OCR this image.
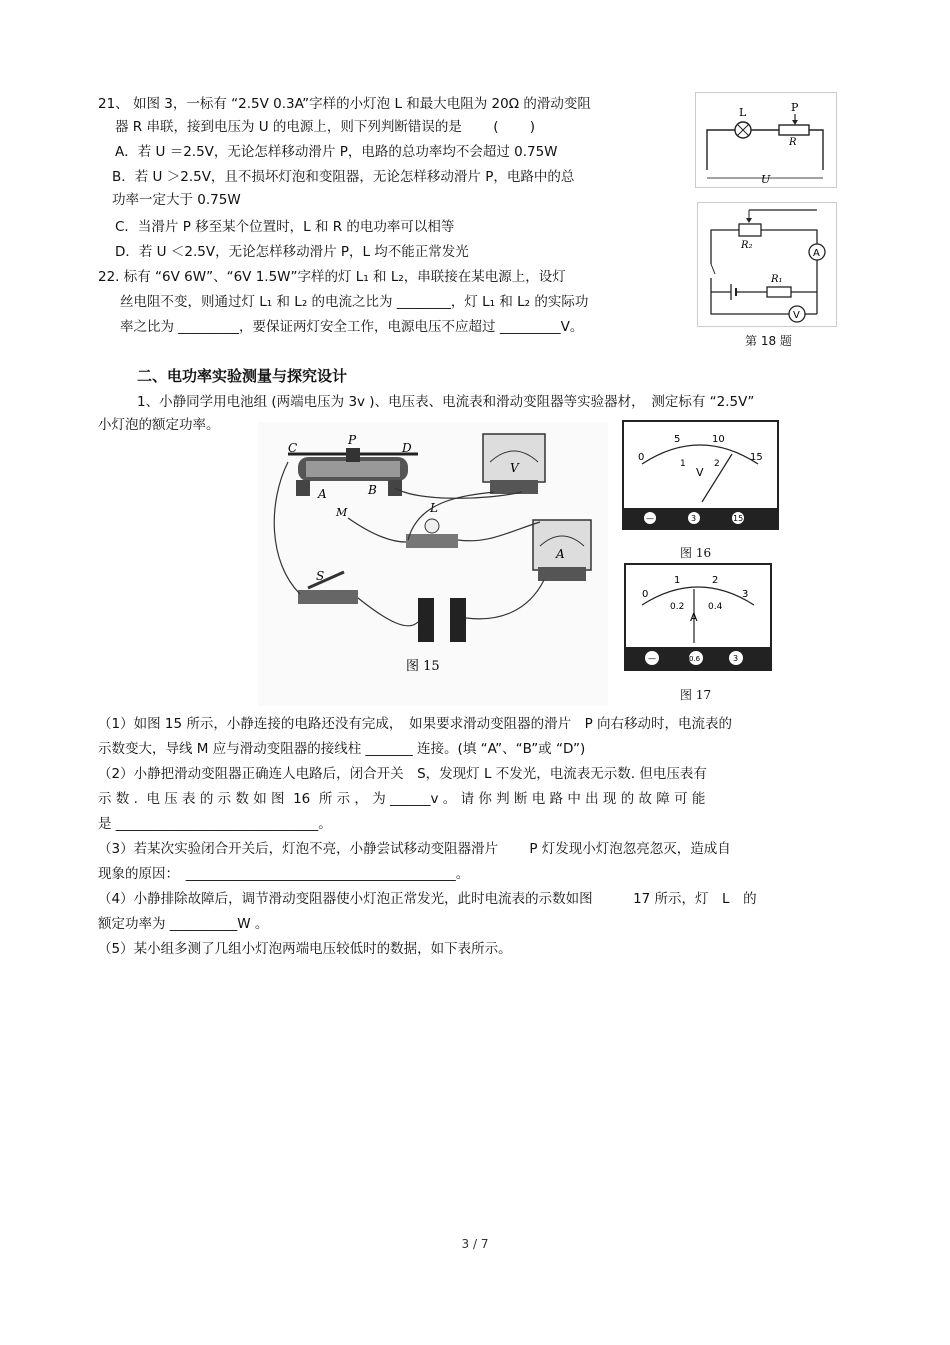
21、 如图 3，一标有 “2.5V 0.3A”字样的小灯泡 L 和最大电阻为 20Ω 的滑动变阻
器 R 串联，接到电压为 U 的电源上，则下列判断错误的是　　 (　　 )
A．若 U ＝2.5V，无论怎样移动滑片 P，电路的总功率均不会超过 0.75W
B．若 U ＞2.5V，且不损坏灯泡和变阻器，无论怎样移动滑片 P，电路中的总
功率一定大于 0.75W
C．当滑片 P 移至某个位置时，L 和 R 的电功率可以相等
D．若 U ＜2.5V，无论怎样移动滑片 P，L 均不能正常发光
22. 标有 “6V 6W”、“6V 1.5W”字样的灯 L₁ 和 L₂，串联接在某电源上，设灯
丝电阻不变，则通过灯 L₁ 和 L₂ 的电流之比为 ________，灯 L₁ 和 L₂ 的实际功
率之比为 _________，要保证两灯安全工作，电源电压不应超过 _________V。
L	P
R
U
R₂
R₁
A
V
第 18 题
二、电功率实验测量与探究设计
1、小静同学用电池组 (两端电压为 3v )、电压表、电流表和滑动变阻器等实验器材，　测定标有 “2.5V”
小灯泡的额定功率。
C
P
D
A	B
V
A
L
M
S
图 15
0
5	10
15
1	2
V
—	3	15
图 16
0
1	2
3
0.2	0.4
A
—	0.6	3
图 17
（1）如图 15 所示，小静连接的电路还没有完成，　如果要求滑动变阻器的滑片　P 向右移动时，电流表的
示数变大，导线 M 应与滑动变阻器的接线柱 _______ 连接。(填 “A”、“B”或 “D”)
（2）小静把滑动变阻器正确连人电路后，闭合开关　S，发现灯 L 不发光，电流表无示数. 但电压表有
示 数 .  电 压 表 的 示 数 如 图  16  所 示 ， 为 ______v 。 请 你 判 断 电 路 中 出 现 的 故 障 可 能
是 ______________________________。
（3）若某次实验闭合开关后，灯泡不亮，小静尝试移动变阻器滑片　　 P 灯发现小灯泡忽亮忽灭，造成自
现象的原因：　________________________________________。
（4）小静排除故障后，调节滑动变阻器使小灯泡正常发光，此时电流表的示数如图　　　17 所示，灯　L　的
额定功率为 __________W 。
（5）某小组多测了几组小灯泡两端电压较低时的数据，如下表所示。
3 / 7
